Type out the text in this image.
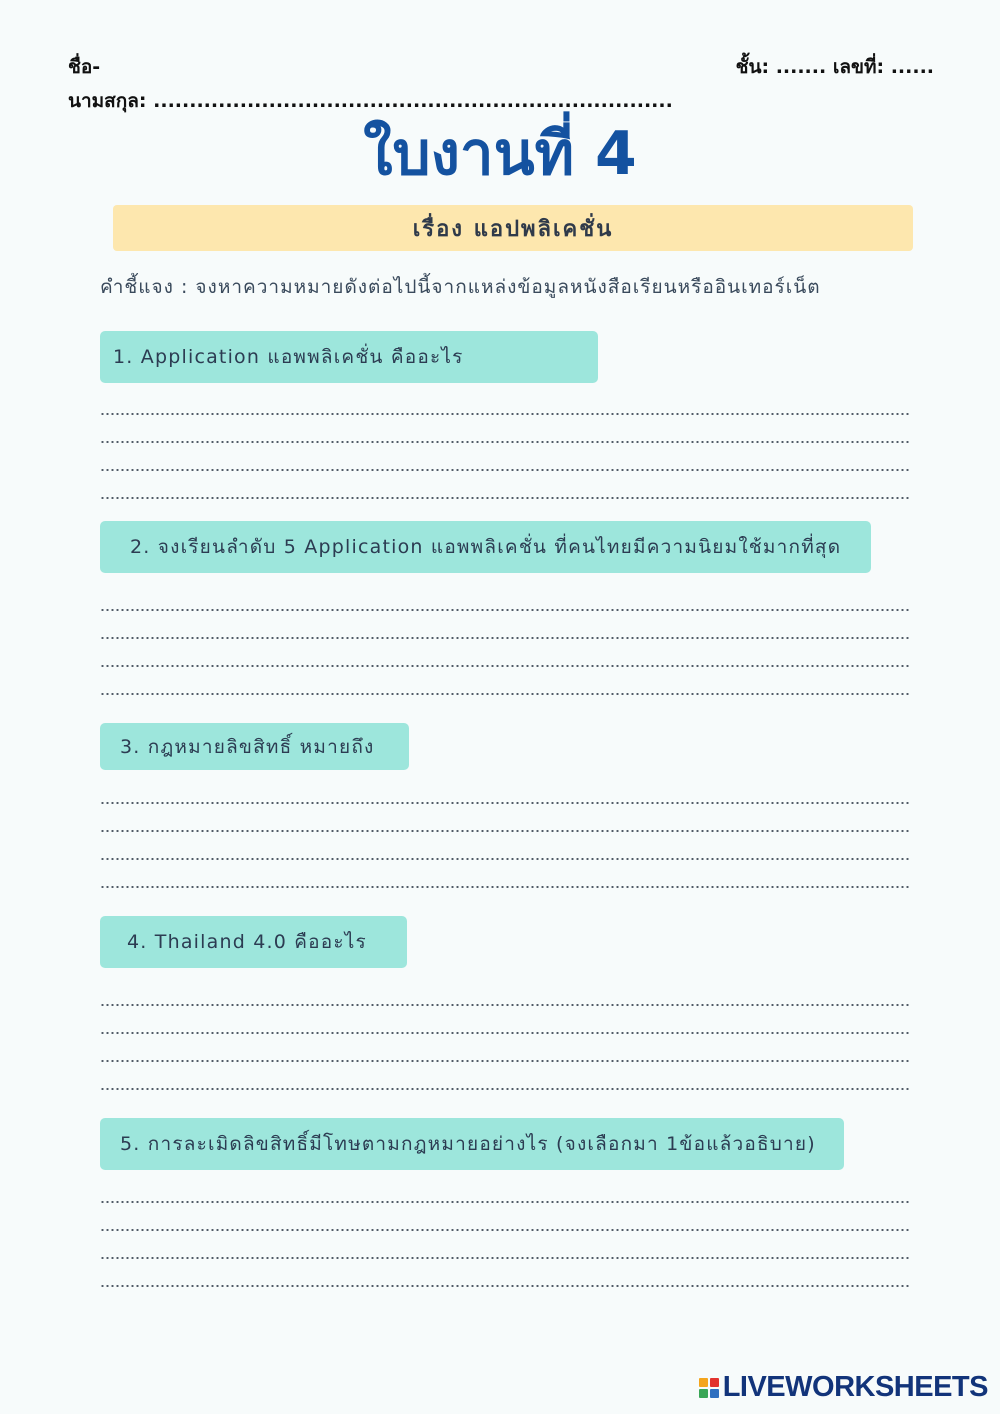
ชื่อ-
นามสกุล: ........................................................................
ชั้น: ....... เลขที่: ......
ใบงานที่ 4
เรื่อง แอปพลิเคชั่น
คำชี้แจง : จงหาความหมายดังต่อไปนี้จากแหล่งข้อมูลหนังสือเรียนหรืออินเทอร์เน็ต
1. Application แอพพลิเคชั่น คืออะไร
2. จงเรียนลำดับ 5 Application แอพพลิเคชั่น ที่คนไทยมีความนิยมใช้มากที่สุด
3. กฎหมายลิขสิทธิ์ หมายถึง
4. Thailand 4.0 คืออะไร
5. การละเมิดลิขสิทธิ์มีโทษตามกฎหมายอย่างไร (จงเลือกมา 1ข้อแล้วอธิบาย)
LIVEWORKSHEETS
